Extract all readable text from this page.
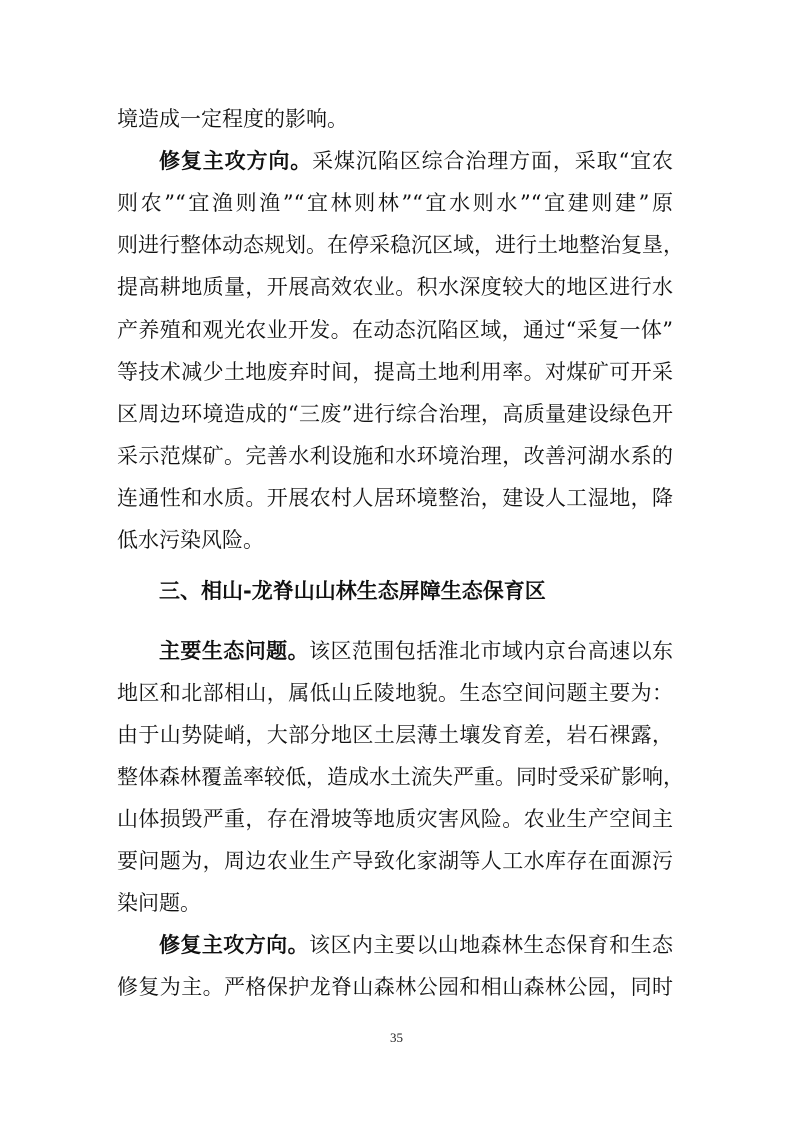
境造成一定程度的影响。
修复主攻方向。采煤沉陷区综合治理方面，采取“宜农
则农”“宜渔则渔”“宜林则林”“宜水则水”“宜建则建”原
则进行整体动态规划。在停采稳沉区域，进行土地整治复垦，
提高耕地质量，开展高效农业。积水深度较大的地区进行水
产养殖和观光农业开发。在动态沉陷区域，通过“采复一体”
等技术减少土地废弃时间，提高土地利用率。对煤矿可开采
区周边环境造成的“三废”进行综合治理，高质量建设绿色开
采示范煤矿。完善水利设施和水环境治理，改善河湖水系的
连通性和水质。开展农村人居环境整治，建设人工湿地，降
低水污染风险。
三、相山-龙脊山山林生态屏障生态保育区
主要生态问题。该区范围包括淮北市域内京台高速以东
地区和北部相山，属低山丘陵地貌。生态空间问题主要为：
由于山势陡峭，大部分地区土层薄土壤发育差，岩石裸露，
整体森林覆盖率较低，造成水土流失严重。同时受采矿影响，
山体损毁严重，存在滑坡等地质灾害风险。农业生产空间主
要问题为，周边农业生产导致化家湖等人工水库存在面源污
染问题。
修复主攻方向。该区内主要以山地森林生态保育和生态
修复为主。严格保护龙脊山森林公园和相山森林公园，同时
35
